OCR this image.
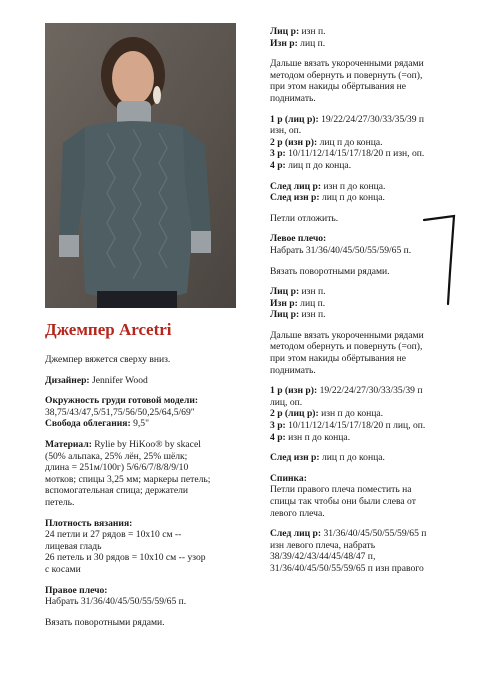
Джемпер Arcetri

Джемпер вяжется сверху вниз.

Дизайнер: Jennifer Wood

Окружность груди готовой модели:
38,75/43/47,5/51,75/56/50,25/64,5/69"
Свобода облегания: 9,5"

Материал: Rylie by HiKoo® by skacel
(50% альпака, 25% лён, 25% шёлк;
длина = 251м/100г) 5/6/6/7/8/8/9/10
мотков; спицы 3,25 мм; маркеры петель;
вспомогательная спица; держатели
петель.

Плотность вязания:
24 петли и 27 рядов = 10x10 см --
лицевая гладь
26 петель и 30 рядов = 10x10 см -- узор
с косами

Правое плечо:
Набрать 31/36/40/45/50/55/59/65 п.

Вязать поворотными рядами.

Лиц р: изн п.
Изн р: лиц п.

Дальше вязать укороченными рядами
методом обернуть и повернуть (=оп),
при этом накиды обёртывания не
поднимать.

1 р (лиц р): 19/22/24/27/30/33/35/39 п
изн, оп.
2 р (изн р): лиц п до конца.
3 р: 10/11/12/14/15/17/18/20 п изн, оп.
4 р: лиц п до конца.

След лиц р: изн п до конца.
След изн р: лиц п до конца.

Петли отложить.

Левое плечо:
Набрать 31/36/40/45/50/55/59/65 п.

Вязать поворотными рядами.

Лиц р: изн п.
Изн р: лиц п.
Лиц р: изн п.

Дальше вязать укороченными рядами
методом обернуть и повернуть (=оп),
при этом накиды обёртывания не
поднимать.

1 р (изн р): 19/22/24/27/30/33/35/39 п
лиц, оп.
2 р (лиц р): изн п до конца.
3 р: 10/11/12/14/15/17/18/20 п лиц, оп.
4 р: изн п до конца.

След изн р: лиц п до конца.

Спинка:
Петли правого плеча поместить на
спицы так чтобы они были слева от
левого плеча.

След лиц р: 31/36/40/45/50/55/59/65 п
изн левого плеча, набрать
38/39/42/43/44/45/48/47 п,
31/36/40/45/50/55/59/65 п изн правого
